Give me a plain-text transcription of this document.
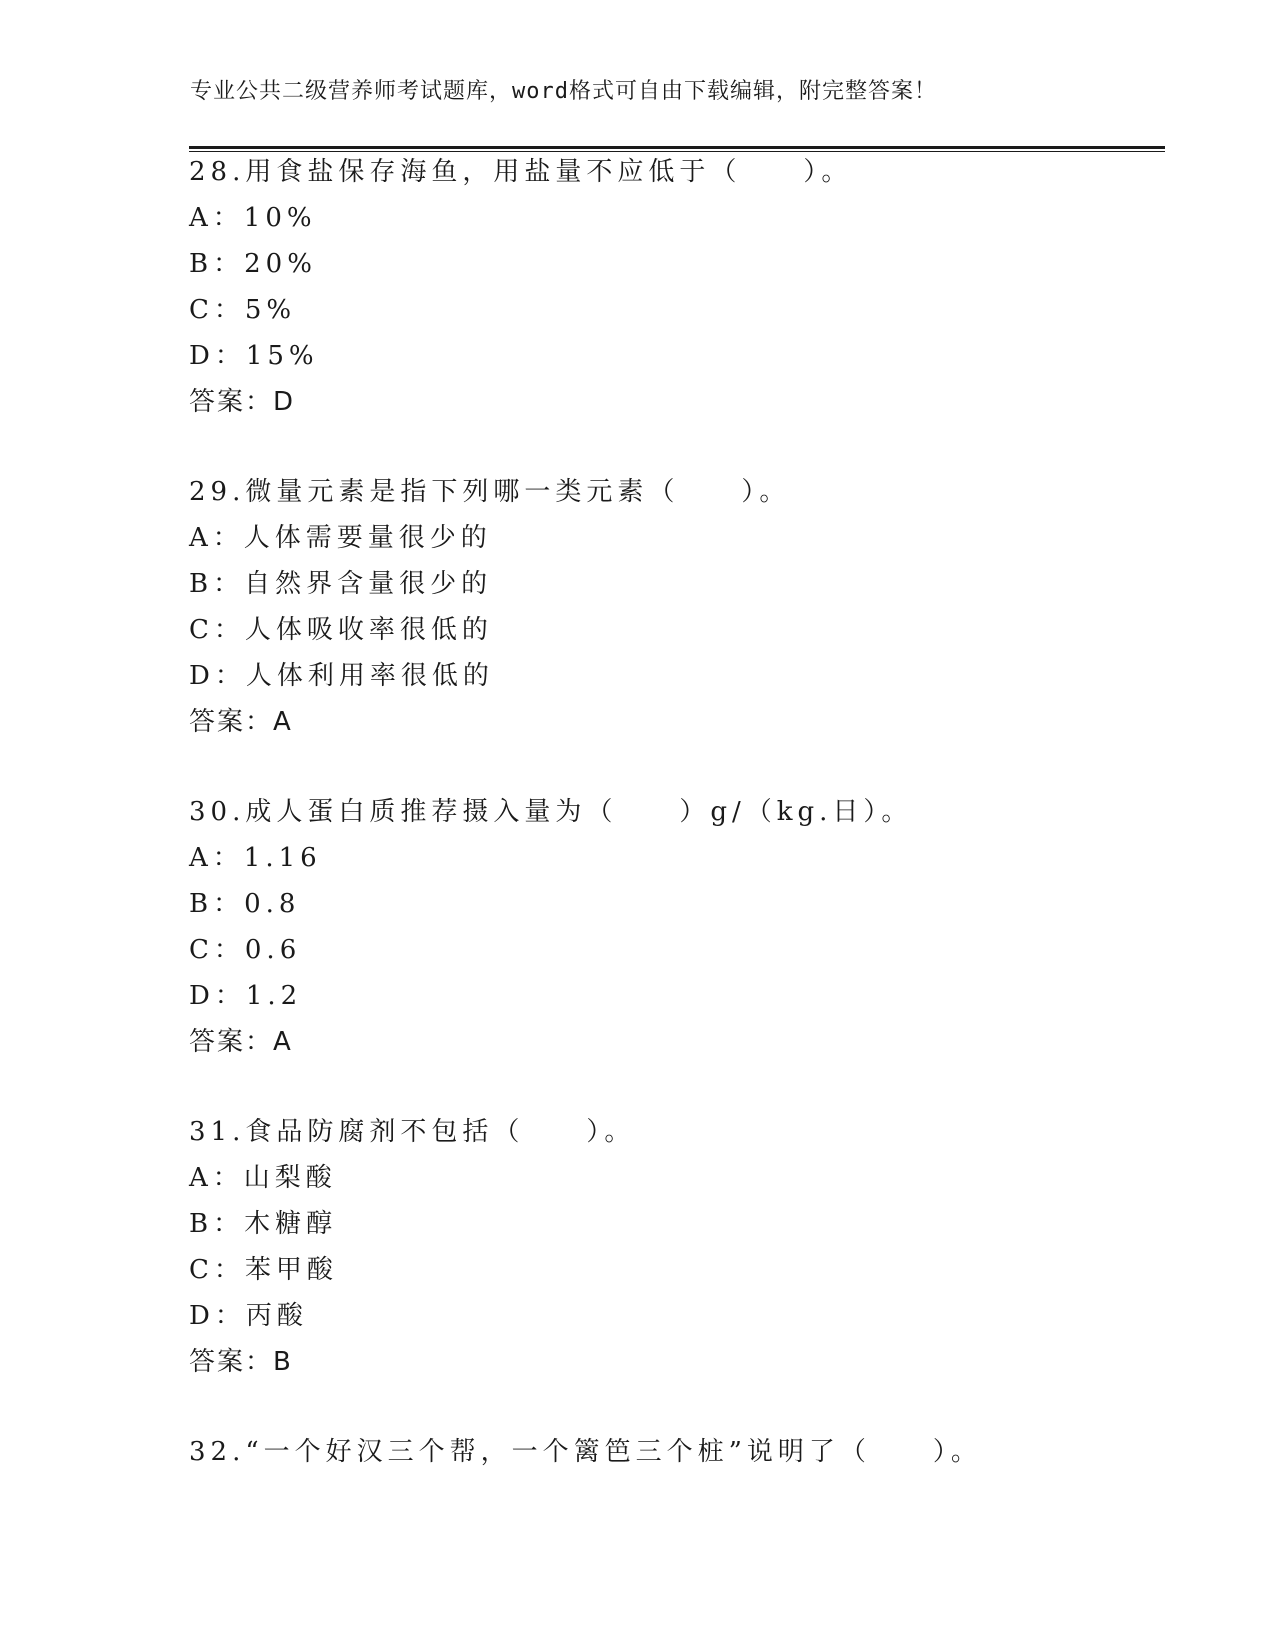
专业公共二级营养师考试题库，word格式可自由下载编辑，附完整答案！
28.用食盐保存海鱼，用盐量不应低于（　　）。
A：10%
B：20%
C：5%
D：15%
答案：D
29.微量元素是指下列哪一类元素（　　）。
A：人体需要量很少的
B：自然界含量很少的
C：人体吸收率很低的
D：人体利用率很低的
答案：A
30.成人蛋白质推荐摄入量为（　　）g/（kg.日）。
A：1.16
B：0.8
C：0.6
D：1.2
答案：A
31.食品防腐剂不包括（　　）。
A：山梨酸
B：木糖醇
C：苯甲酸
D：丙酸
答案：B
32.“一个好汉三个帮，一个篱笆三个桩”说明了（　　）。
